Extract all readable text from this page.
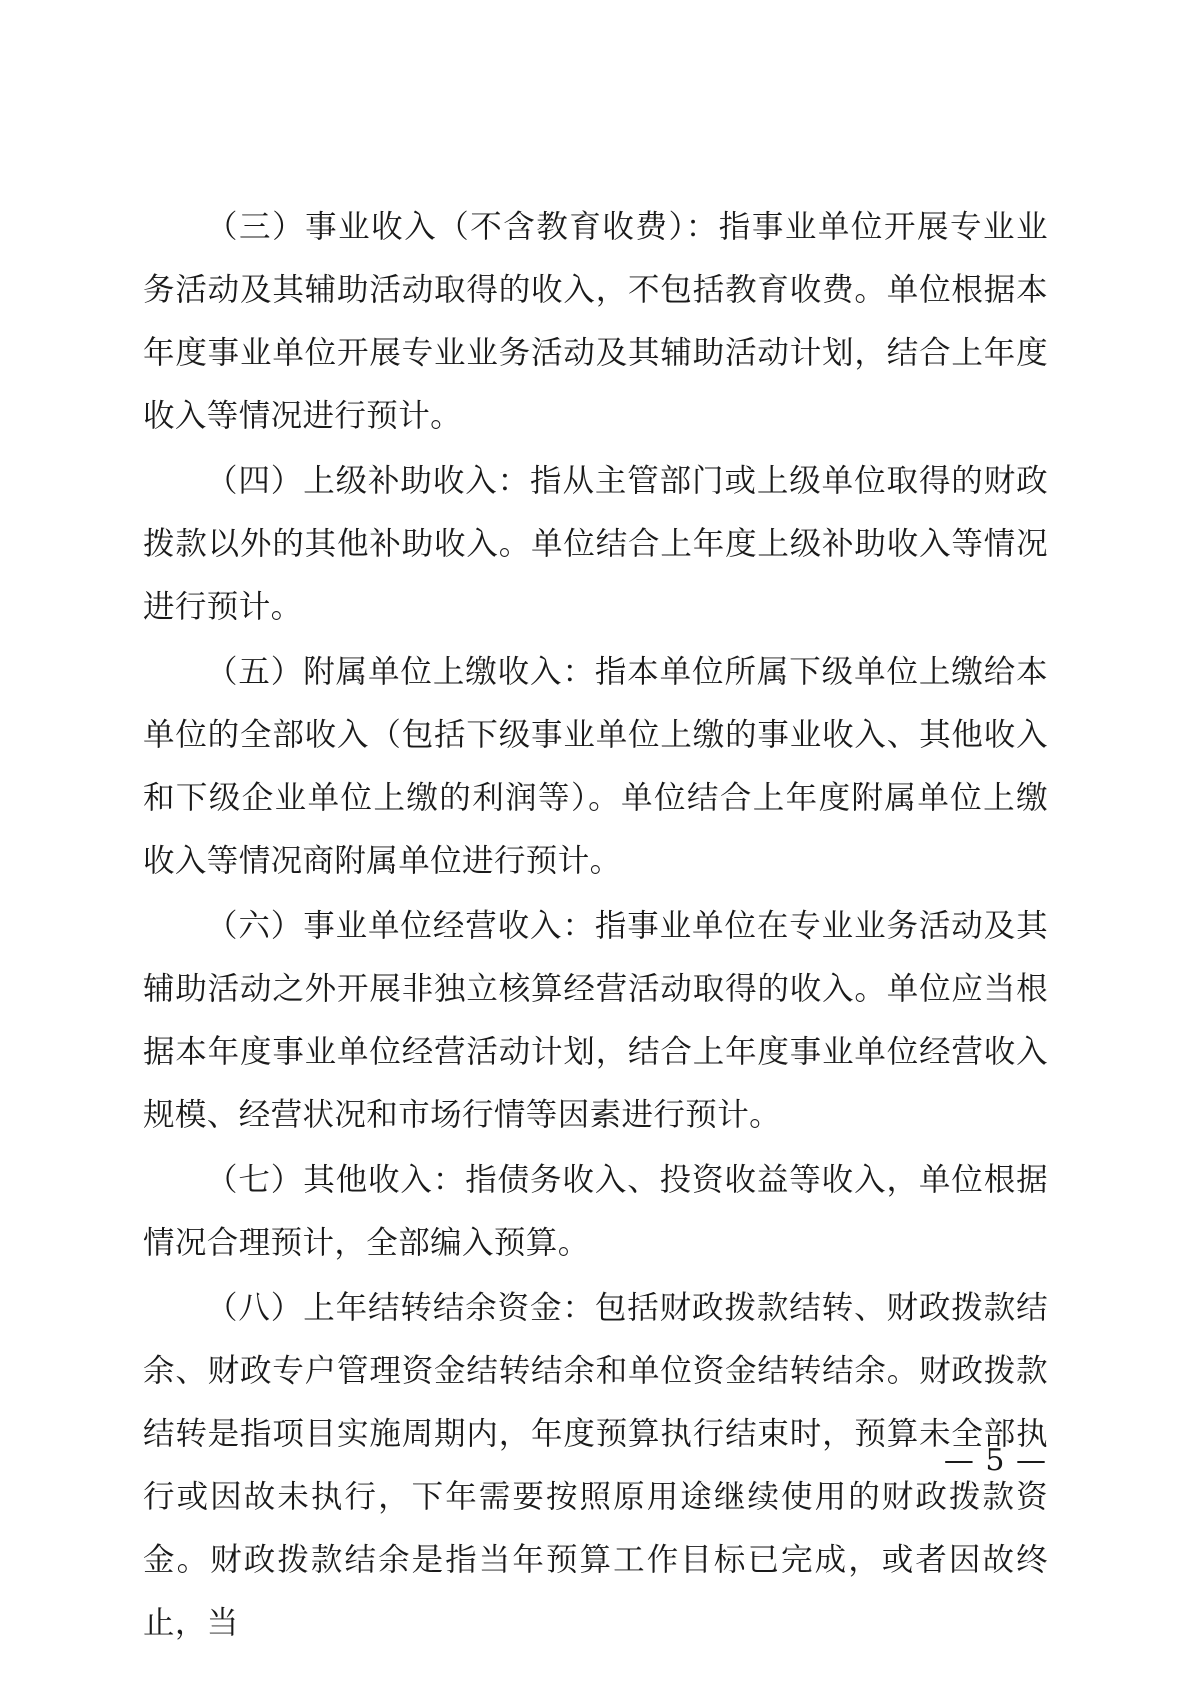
（三）事业收入（不含教育收费）：指事业单位开展专业业务活动及其辅助活动取得的收入，不包括教育收费。单位根据本年度事业单位开展专业业务活动及其辅助活动计划，结合上年度收入等情况进行预计。

（四）上级补助收入：指从主管部门或上级单位取得的财政拨款以外的其他补助收入。单位结合上年度上级补助收入等情况进行预计。

（五）附属单位上缴收入：指本单位所属下级单位上缴给本单位的全部收入（包括下级事业单位上缴的事业收入、其他收入和下级企业单位上缴的利润等）。单位结合上年度附属单位上缴收入等情况商附属单位进行预计。

（六）事业单位经营收入：指事业单位在专业业务活动及其辅助活动之外开展非独立核算经营活动取得的收入。单位应当根据本年度事业单位经营活动计划，结合上年度事业单位经营收入规模、经营状况和市场行情等因素进行预计。

（七）其他收入：指债务收入、投资收益等收入，单位根据情况合理预计，全部编入预算。

（八）上年结转结余资金：包括财政拨款结转、财政拨款结余、财政专户管理资金结转结余和单位资金结转结余。财政拨款结转是指项目实施周期内，年度预算执行结束时，预算未全部执行或因故未执行，下年需要按照原用途继续使用的财政拨款资金。财政拨款结余是指当年预算工作目标已完成，或者因故终止，当

— 5 —
